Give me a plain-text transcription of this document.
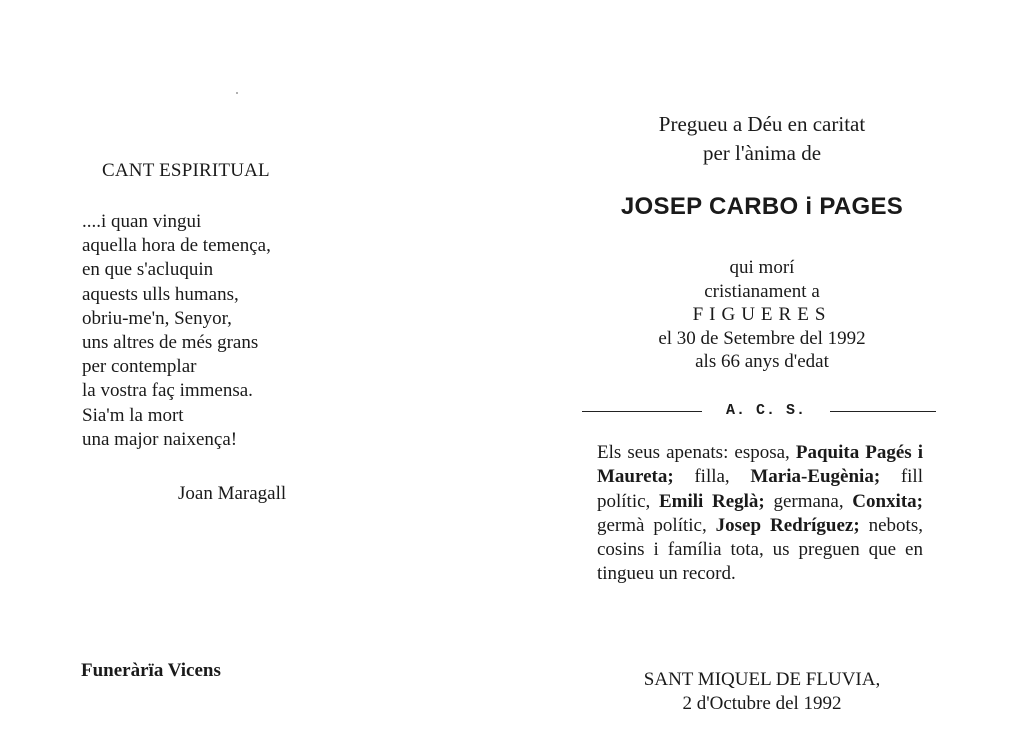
CANT ESPIRITUAL
....i quan vingui
aquella hora de temença,
en que s'acluquin
aquests ulls humans,
obriu-me'n, Senyor,
uns altres de més grans
per contemplar
la vostra faç immensa.
Sia'm la mort
una major naixença!
Joan Maragall
Funeràrïa Vicens
Pregueu a Déu en caritat
per l'ànima de
JOSEP CARBO i PAGES
qui morí
cristianament a
FIGUERES
el 30 de Setembre del 1992
als 66 anys d'edat
A. C. S.
Els seus apenats: esposa, Paquita Pagés i Maureta; filla, Maria-Eugènia; fill polític, Emili Reglà; germana, Conxita; germà polític, Josep Redríguez; nebots, cosins i família tota, us preguen que en tingueu un record.
SANT MIQUEL DE FLUVIA,
2 d'Octubre del 1992
